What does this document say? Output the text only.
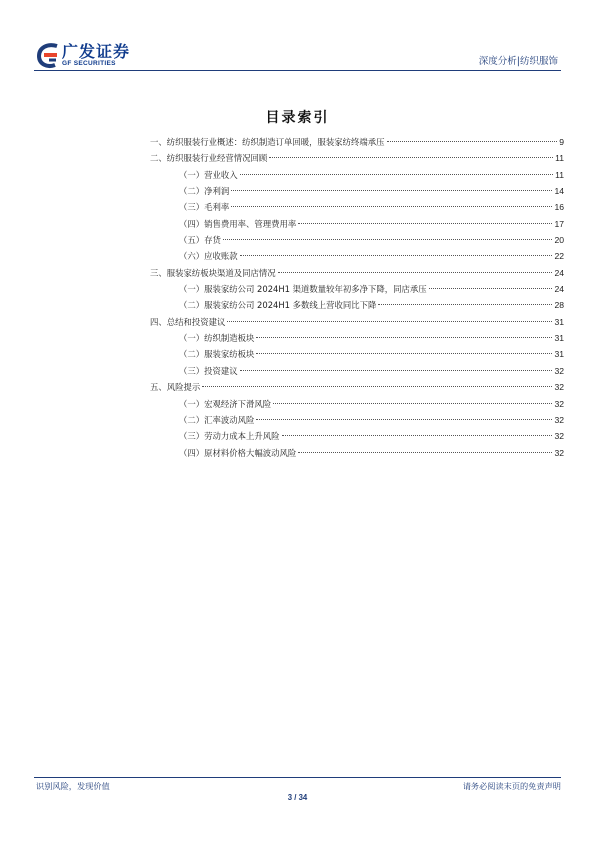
广发证券
GF SECURITIES	深度分析|纺织服饰
目录索引
一、纺织服装行业概述：纺织制造订单回暖，服装家纺终端承压	9
二、纺织服装行业经营情况回顾	11
（一）营业收入	11
（二）净利润	14
（三）毛利率	16
（四）销售费用率、管理费用率	17
（五）存货	20
（六）应收账款	22
三、服装家纺板块渠道及同店情况	24
（一）服装家纺公司 2024H1 渠道数量较年初多净下降，同店承压	24
（二）服装家纺公司 2024H1 多数线上营收同比下降	28
四、总结和投资建议	31
（一）纺织制造板块	31
（二）服装家纺板块	31
（三）投资建议	32
五、风险提示	32
（一）宏观经济下滑风险	32
（二）汇率波动风险	32
（三）劳动力成本上升风险	32
（四）原材料价格大幅波动风险	32
识别风险，发现价值	请务必阅读末页的免责声明
3 / 34
